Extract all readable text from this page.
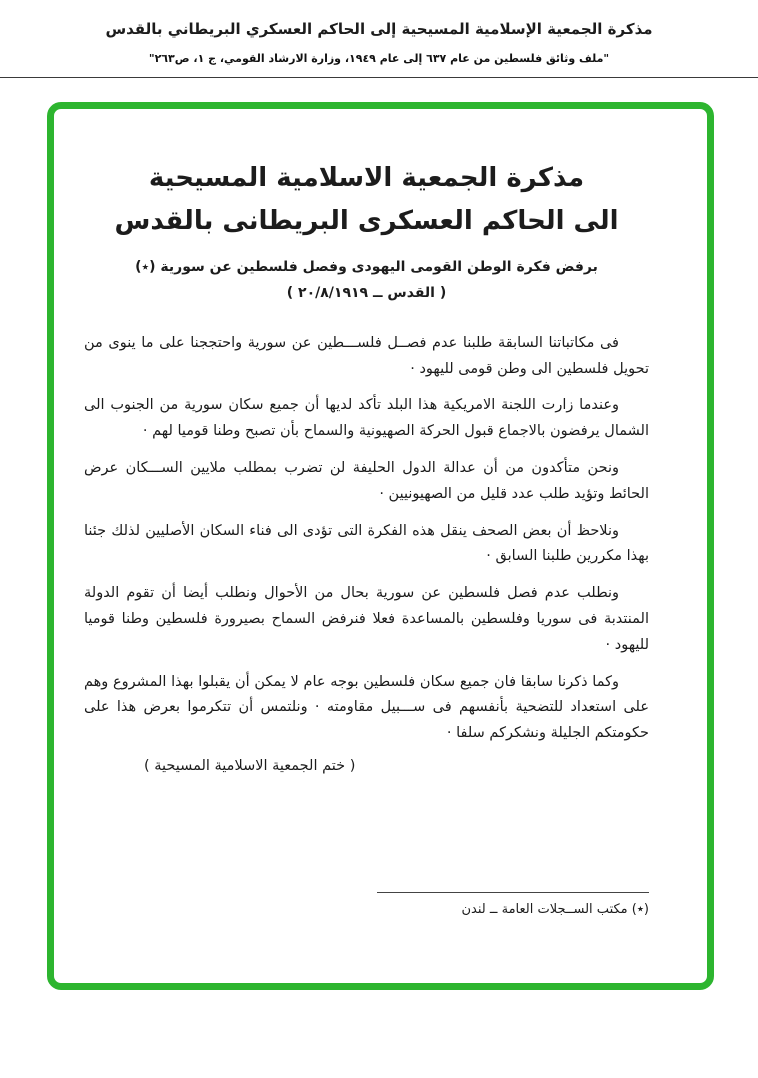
مذكرة الجمعية الإسلامية المسيحية إلى الحاكم العسكري البريطاني بالقدس
"ملف وثائق فلسطين من عام ٦٣٧ إلى عام ١٩٤٩، وزارة الارشاد القومي، ج ١، ص٢٦٣"
مذكرة الجمعية الاسلامية المسيحية
الى الحاكم العسكرى البريطانى بالقدس
برفض فكرة الوطن القومى اليهودى وفصل فلسطين عن سورية (٭)
( القدس ــ ٢٠/٨/١٩١٩ )

فى مكاتباتنا السابقة طلبنا عدم فصــل فلســـطين عن سورية واحتججنا على ما ينوى من تحويل فلسطين الى وطن قومى لليهود ·

وعندما زارت اللجنة الامريكية هذا البلد تأكد لديها أن جميع سكان سورية من الجنوب الى الشمال يرفضون بالاجماع قبول الحركة الصهيونية والسماح بأن تصبح وطنا قوميا لهم ·

ونحن متأكدون من أن عدالة الدول الحليفة لن تضرب بمطلب ملايين الســـكان عرض الحائط وتؤيد طلب عدد قليل من الصهيونيين ·

ونلاحظ أن بعض الصحف ينقل هذه الفكرة التى تؤدى الى فناء السكان الأصليين لذلك جئنا بهذا مكررين طلبنا السابق ·

ونطلب عدم فصل فلسطين عن سورية بحال من الأحوال ونطلب أيضا أن تقوم الدولة المنتدبة فى سوريا وفلسطين بالمساعدة فعلا فنرفض السماح بصيرورة فلسطين وطنا قوميا لليهود ·

وكما ذكرنا سابقا فان جميع سكان فلسطين بوجه عام لا يمكن أن يقبلوا بهذا المشروع وهم على استعداد للتضحية بأنفسهم فى ســـبيل مقاومته · ونلتمس أن تتكرموا بعرض هذا على حكومتكم الجليلة ونشكركم سلفا ·

( ختم الجمعية الاسلامية المسيحية )
(٭) مكتب الســجلات العامة ــ لندن
